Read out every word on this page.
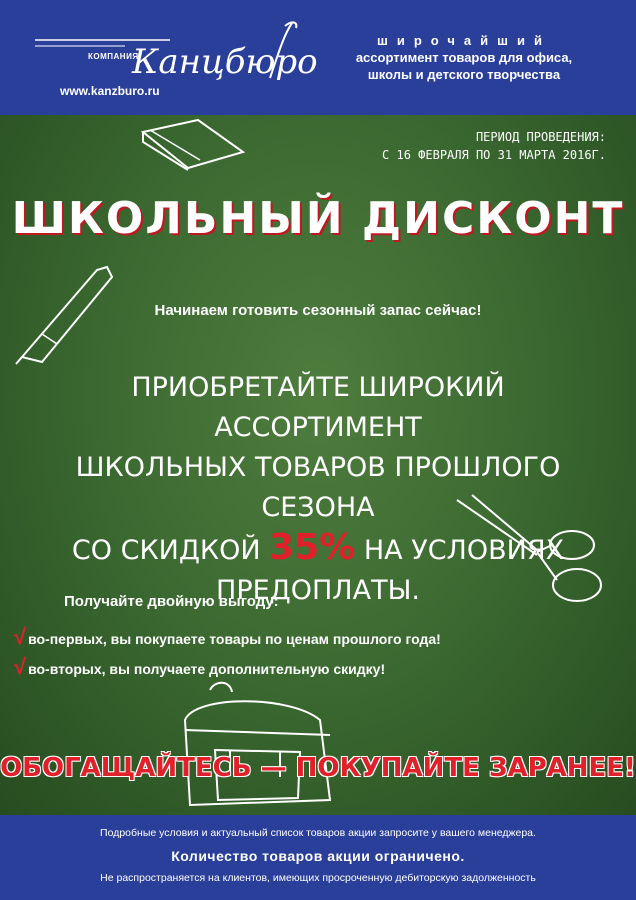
КОМПАНИЯ
Канцбюро
www.kanzburo.ru
широчайший
ассортимент товаров для офиса,
школы и детского творчества
ПЕРИОД ПРОВЕДЕНИЯ:
С 16 ФЕВРАЛЯ ПО 31 МАРТА 2016Г.
ШКОЛЬНЫЙ ДИСКОНТ
Начинаем готовить сезонный запас сейчас!
ПРИОБРЕТАЙТЕ ШИРОКИЙ АССОРТИМЕНТ
ШКОЛЬНЫХ ТОВАРОВ ПРОШЛОГО СЕЗОНА
СО СКИДКОЙ 35% НА УСЛОВИЯХ
ПРЕДОПЛАТЫ.
Получайте двойную выгоду:
√ во-первых, вы покупаете товары по ценам прошлого года!
√ во-вторых, вы получаете дополнительную скидку!
ОБОГАЩАЙТЕСЬ — ПОКУПАЙТЕ ЗАРАНЕЕ!
Подробные условия и актуальный список товаров акции запросите у вашего менеджера.
Количество товаров акции ограничено.
Не распространяется на клиентов, имеющих просроченную дебиторскую задолженность
